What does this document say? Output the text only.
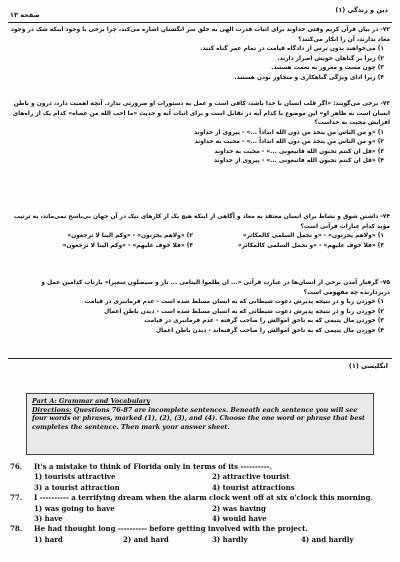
دین و زندگی (۱)
صفحه ۱۳

۷۲- در بیان قرآن کریم وقتی خداوند برای اثبات قدرت الهی به خلق سر انگشتان اشاره می‌کند، چرا برخی با وجود اینکه شک در وجود معاد ندارند، آن را انکار می‌کنند؟

۱) می‌خواهند بدون ترس از دادگاه قیامت در تمام عمر گناه کنند.

۲) زیرا بر گناهان خویش اصرار دارند.

۳) چون مست و مغرور به نعمت هستند.

۴) زیرا ادای ویژگی گناهکاری و متجاوز بودن هستند.

۷۳- برخی می‌گویند: «اگر قلب انسان با خدا باشد، کافی است و عمل به دستورات او ضرورتی ندارد. آنچه اهمیت دارد، درون و باطن انسان است نه ظاهر او» این موضوع با کدام آیه در تقابل است و برای اثبات آیه و حدیث «ما احب الله من عصاه» کدام یک از راه‌های افزایش محبت به خداست؟

۱) «و من الناس من یتخذ من دون الله انداداً ...» - پیروی از خداوند

۲) «و من الناس من یتخذ من دون الله انداداً ...» - محبت به خداوند

۳) «قل ان کنتم تحبون الله فاتبعونی ...» - محبت به خداوند

۴) «قل ان کنتم تحبون الله فاتبعونی ...» - پیروی از خداوند

۷۴- داشتن شوق و نشاط برای انسان معتقد به معاد و آگاهی از اینکه هیچ یک از کارهای نیک در آن جهان بی‌پاسخ نمی‌ماند، به ترتیب مؤید کدام عبارات قرآنی است؟

۱) «ولاهم یحزنون» - «و نحمل السلمی کالمکاثر»

۲) «ولاهم یحزنون» - «وکم الینا لا ترجعون»

۳) «فلا خوف علیهم» - «و نحمل السلمی کالمکاثر»

۴) «فلا خوف علیهم» - «وکم الینا لا ترجعون»

۷۵- گرفتار آمدن برخی از انسان‌ها در عبارت قرآنی «... ان ظلموا الیتامی ... نار و سیصلون سعیرا» بازتاب کدامین عمل و دربردارنده چه مفهومی است؟

۱) خوردن ربا و در نتیجه پذیرش دعوت شیطانی که به انسان مسلط شده است - عدم فرمانبری در قیامت

۲) خوردن ربا و در نتیجه پذیرش دعوت شیطانی که به انسان مسلط شده است - دیدن باطن اعمال

۳) خوردن مال یتیمی که به ناحق اموالش را صاحب گرفته - عدم فرمانبری در قیامت

۴) خوردن مال یتیمی که به ناحق اموالش را صاحب گرفته‌اند - دیدن باطن اعمال

انگلیسی (۱)
Part A: Grammar and Vocabulary
Directions: Questions 76-87 are incomplete sentences. Beneath each sentence you will see four words or phrases, marked (1), (2), (3), and (4). Choose the one word or phrase that best completes the sentence. Then mark your answer sheet.
76.	It's a mistake to think of Florida only in terms of its ----------.
1) tourists attractive	2) attractive tourist
3) a tourist attraction	4) tourist attractions
77.	I ---------- a terrifying dream when the alarm clock went off at six o'clock this morning.
1) was going to have	2) was having
3) have	4) would have
78.	He had thought long ---------- before getting involved with the project.
1) hard	2) and hard	3) hardly	4) and hardly
